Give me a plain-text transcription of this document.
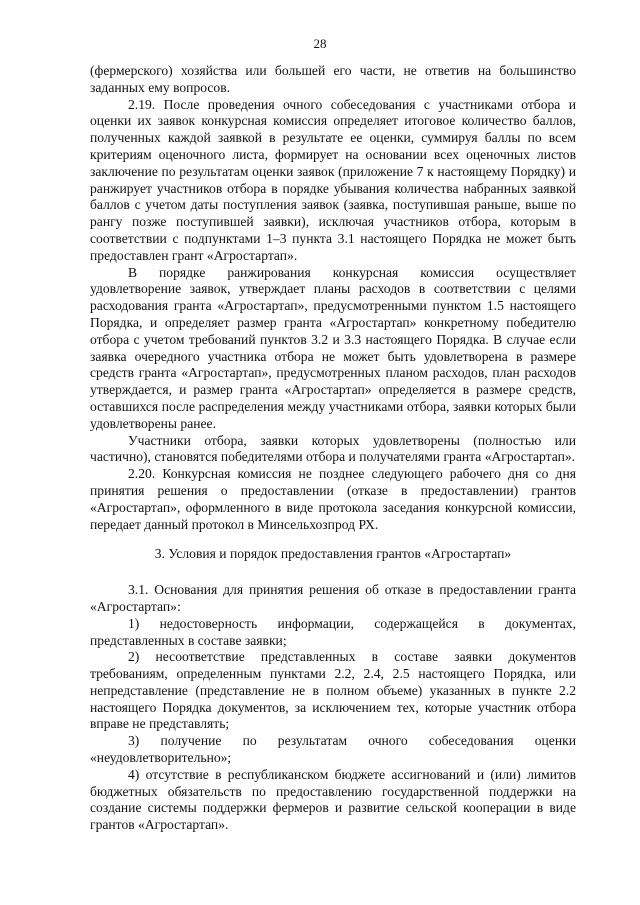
28

(фермерского) хозяйства или большей его части, не ответив на большинство заданных ему вопросов.

2.19. После проведения очного собеседования с участниками отбора и оценки их заявок конкурсная комиссия определяет итоговое количество баллов, полученных каждой заявкой в результате ее оценки, суммируя баллы по всем критериям оценочного листа, формирует на основании всех оценочных листов заключение по результатам оценки заявок (приложение 7 к настоящему Порядку) и ранжирует участников отбора в порядке убывания количества набранных заявкой баллов с учетом даты поступления заявок (заявка, поступившая раньше, выше по рангу позже поступившей заявки), исключая участников отбора, которым в соответствии с подпунктами 1–3 пункта 3.1 настоящего Порядка не может быть предоставлен грант «Агростартап».

В порядке ранжирования конкурсная комиссия осуществляет удовлетворение заявок, утверждает планы расходов в соответствии с целями расходования гранта «Агростартап», предусмотренными пунктом 1.5 настоящего Порядка, и определяет размер гранта «Агростартап» конкретному победителю отбора с учетом требований пунктов 3.2 и 3.3 настоящего Порядка. В случае если заявка очередного участника отбора не может быть удовлетворена в размере средств гранта «Агростартап», предусмотренных планом расходов, план расходов утверждается, и размер гранта «Агростартап» определяется в размере средств, оставшихся после распределения между участниками отбора, заявки которых были удовлетворены ранее.

Участники отбора, заявки которых удовлетворены (полностью или частично), становятся победителями отбора и получателями гранта «Агростартап».

2.20. Конкурсная комиссия не позднее следующего рабочего дня со дня принятия решения о предоставлении (отказе в предоставлении) грантов «Агростартап», оформленного в виде протокола заседания конкурсной комиссии, передает данный протокол в Минсельхозпрод РХ.

3. Условия и порядок предоставления грантов «Агростартап»

3.1. Основания для принятия решения об отказе в предоставлении гранта «Агростартап»:

1) недостоверность информации, содержащейся в документах, представленных в составе заявки;

2) несоответствие представленных в составе заявки документов требованиям, определенным пунктами 2.2, 2.4, 2.5 настоящего Порядка, или непредставление (представление не в полном объеме) указанных в пункте 2.2 настоящего Порядка документов, за исключением тех, которые участник отбора вправе не представлять;

3) получение по результатам очного собеседования оценки «неудовлетворительно»;

4) отсутствие в республиканском бюджете ассигнований и (или) лимитов бюджетных обязательств по предоставлению государственной поддержки на создание системы поддержки фермеров и развитие сельской кооперации в виде грантов «Агростартап».
